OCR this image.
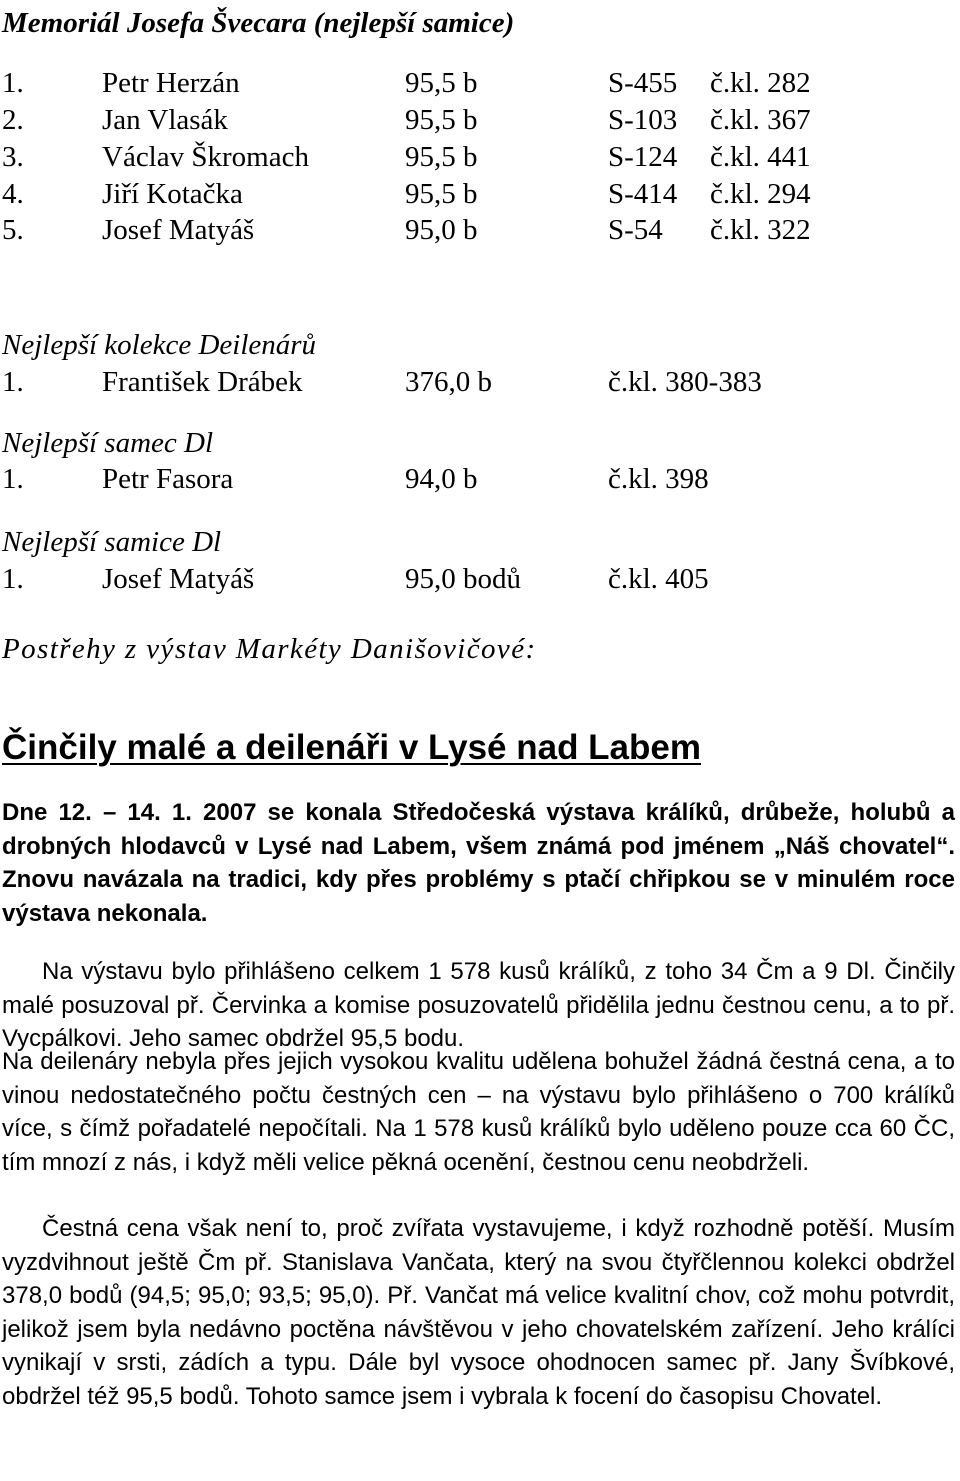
Memoriál Josefa Švecara (nejlepší samice)
1.	Petr Herzán	95,5 b	S-455 č.kl. 282
2.	Jan Vlasák	95,5 b	S-103 č.kl. 367
3.	Václav Škromach	95,5 b	S-124 č.kl. 441
4.	Jiří Kotačka	95,5 b	S-414 č.kl. 294
5.	Josef Matyáš	95,0 b	S-54 č.kl. 322
Nejlepší kolekce Deilenárů
1.	František Drábek	376,0 b	č.kl. 380-383
Nejlepší samec Dl
1.	Petr Fasora	94,0 b	č.kl. 398
Nejlepší samice Dl
1.	Josef Matyáš	95,0 bodů	č.kl. 405
Postřehy z výstav Markéty Danišovičové:
Činčily malé a deilenáři v Lysé nad Labem
Dne 12. – 14. 1. 2007 se konala Středočeská výstava králíků, drůbeže, holubů a drobných hlodavců v Lysé nad Labem, všem známá pod jménem „Náš chovatel“. Znovu navázala na tradici, kdy přes problémy s ptačí chřipkou se v minulém roce výstava nekonala.
Na výstavu bylo přihlášeno celkem 1 578 kusů králíků, z toho 34 Čm a 9 Dl. Činčily malé posuzoval př. Červinka a komise posuzovatelů přidělila jednu čestnou cenu, a to př. Vycpálkovi. Jeho samec obdržel 95,5 bodu.
Na deilenáry nebyla přes jejich vysokou kvalitu udělena bohužel žádná čestná cena, a to vinou nedostatečného počtu čestných cen – na výstavu bylo přihlášeno o 700 králíků více, s čímž pořadatelé nepočítali. Na 1 578 kusů králíků bylo uděleno pouze cca 60 ČC, tím mnozí z nás, i když měli velice pěkná ocenění, čestnou cenu neobdrželi.
Čestná cena však není to, proč zvířata vystavujeme, i když rozhodně potěší. Musím vyzdvihnout ještě Čm př. Stanislava Vančata, který na svou čtyřčlennou kolekci obdržel 378,0 bodů (94,5; 95,0; 93,5; 95,0). Př. Vančat má velice kvalitní chov, což mohu potvrdit, jelikož jsem byla nedávno poctěna návštěvou v jeho chovatelském zařízení. Jeho králíci vynikají v srsti, zádích a typu. Dále byl vysoce ohodnocen samec př. Jany Švíbkové, obdržel též 95,5 bodů. Tohoto samce jsem i vybrala k focení do časopisu Chovatel.
